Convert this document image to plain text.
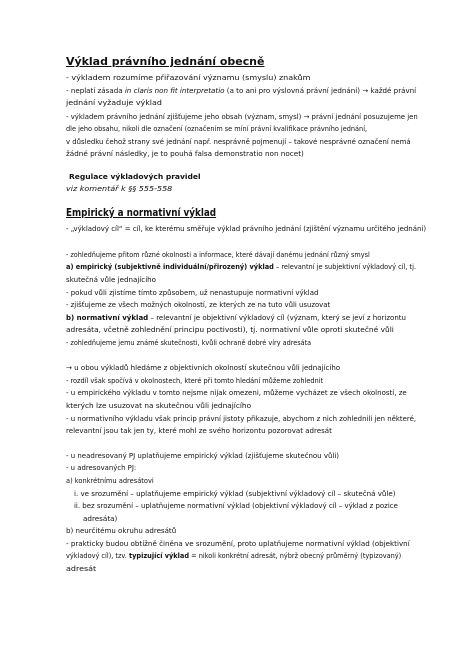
Výklad právního jednání obecně
- výkladem rozumíme přiřazování významu (smyslu) znakům
- neplatí zásada in claris non fit interpretatio (a to ani pro výslovná právní jednání) → každé právní
jednání vyžaduje výklad
- výkladem právního jednání zjišťujeme jeho obsah (význam, smysl) → právní jednání posuzujeme jen
dle jeho obsahu, nikoli dle označení (označením se míní právní kvalifikace právního jednání,
v důsledku čehož strany své jednání např. nesprávně pojmenují – takové nesprávné označení nemá
žádné právní následky, je to pouhá falsa demonstratio non nocet)
Regulace výkladových pravidel
viz komentář k §§ 555-558
Empirický a normativní výklad
- „výkladový cíl“ = cíl, ke kterému směřuje výklad právního jednání (zjištění významu určitého jednání)
- zohledňujeme přitom různé okolnosti a informace, které dávají danému jednání různý smysl
a) empirický (subjektivně individuální/přirozený) výklad – relevantní je subjektivní výkladový cíl, tj.
skutečná vůle jednajícího
- pokud vůli zjistíme tímto způsobem, už nenastupuje normativní výklad
- zjišťujeme ze všech možných okolností, ze kterých ze na tuto vůli usuzovat
b) normativní výklad – relevantní je objektivní výkladový cíl (význam, který se jeví z horizontu
adresáta, včetně zohlednění principu poctivosti), tj. normativní vůle oproti skutečné vůli
- zohledňujeme jemu známé skutečnosti, kvůli ochraně dobré víry adresáta
→ u obou výkladů hledáme z objektivních okolností skutečnou vůli jednajícího
- rozdíl však spočívá v okolnostech, které při tomto hledání můžeme zohlednit
- u empirického výkladu v tomto nejsme nijak omezeni, můžeme vycházet ze všech okolností, ze
kterých lze usuzovat na skutečnou vůli jednajícího
- u normativního výkladu však princip právní jistoty přikazuje, abychom z nich zohlednili jen některé,
relevantní jsou tak jen ty, které mohl ze svého horizontu pozorovat adresát
- u neadresovaný PJ uplatňujeme empirický výklad (zjišťujeme skutečnou vůli)
- u adresovaných PJ:
a) konkrétnímu adresátovi
i. ve srozumění – uplatňujeme empirický výklad (subjektivní výkladový cíl – skutečná vůle)
ii. bez srozumění – uplatňujeme normativní výklad (objektivní výkladový cíl – výklad z pozice
adresáta)
b) neurčitému okruhu adresátů
- prakticky budou obtížně činěna ve srozumění, proto uplatňujeme normativní výklad (objektivní
výkladový cíl), tzv. typizující výklad = nikoli konkrétní adresát, nýbrž obecný průměrný (typizovaný)
adresát
